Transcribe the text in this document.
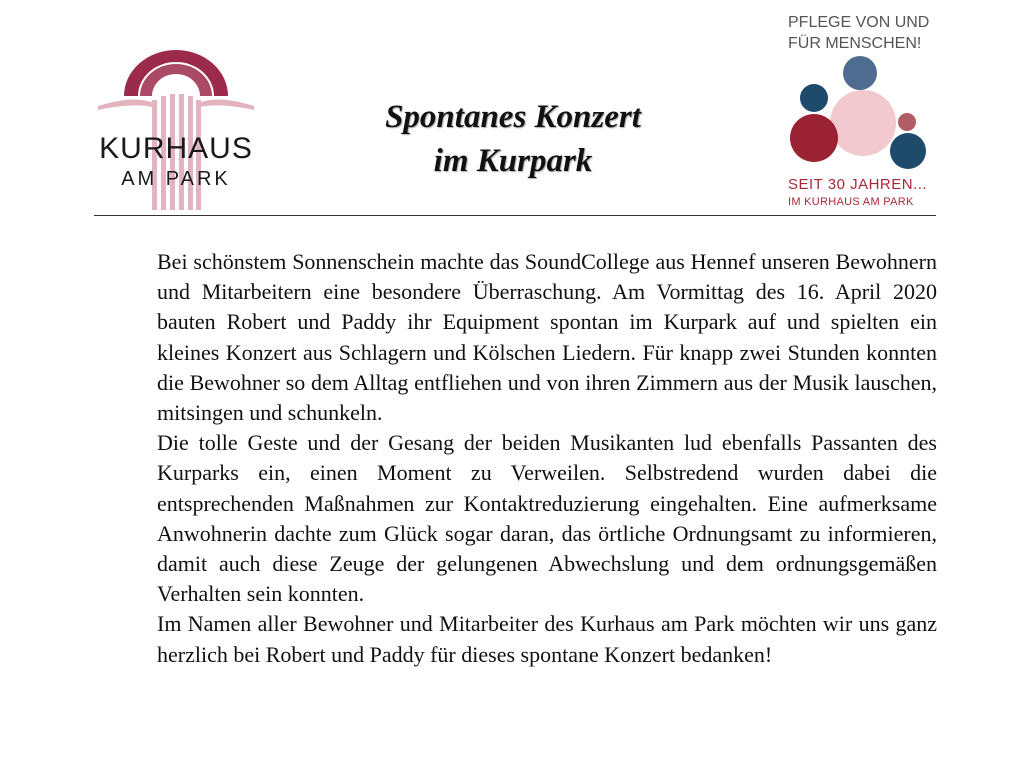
KURHAUS
AM PARK
Spontanes Konzert
im Kurpark
PFLEGE VON UND
FÜR MENSCHEN!
SEIT 30 JAHREN...
IM KURHAUS AM PARK

Bei schönstem Sonnenschein machte das SoundCollege aus Hennef unseren Bewohnern und Mitarbeitern eine besondere Überraschung. Am Vormittag des 16. April 2020 bauten Robert und Paddy ihr Equipment spontan im Kurpark auf und spielten ein kleines Konzert aus Schlagern und Kölschen Liedern. Für knapp zwei Stunden konnten die Bewohner so dem Alltag entfliehen und von ihren Zimmern aus der Musik lauschen, mitsingen und schunkeln.

Die tolle Geste und der Gesang der beiden Musikanten lud ebenfalls Passanten des Kurparks ein, einen Moment zu Verweilen. Selbstredend wurden dabei die entsprechenden Maßnahmen zur Kontaktreduzierung eingehalten. Eine aufmerksame Anwohnerin dachte zum Glück sogar daran, das örtliche Ordnungsamt zu informieren, damit auch diese Zeuge der gelungenen Abwechslung und dem ordnungsgemäßen Verhalten sein konnten.

Im Namen aller Bewohner und Mitarbeiter des Kurhaus am Park möchten wir uns ganz herzlich bei Robert und Paddy für dieses spontane Konzert bedanken!
